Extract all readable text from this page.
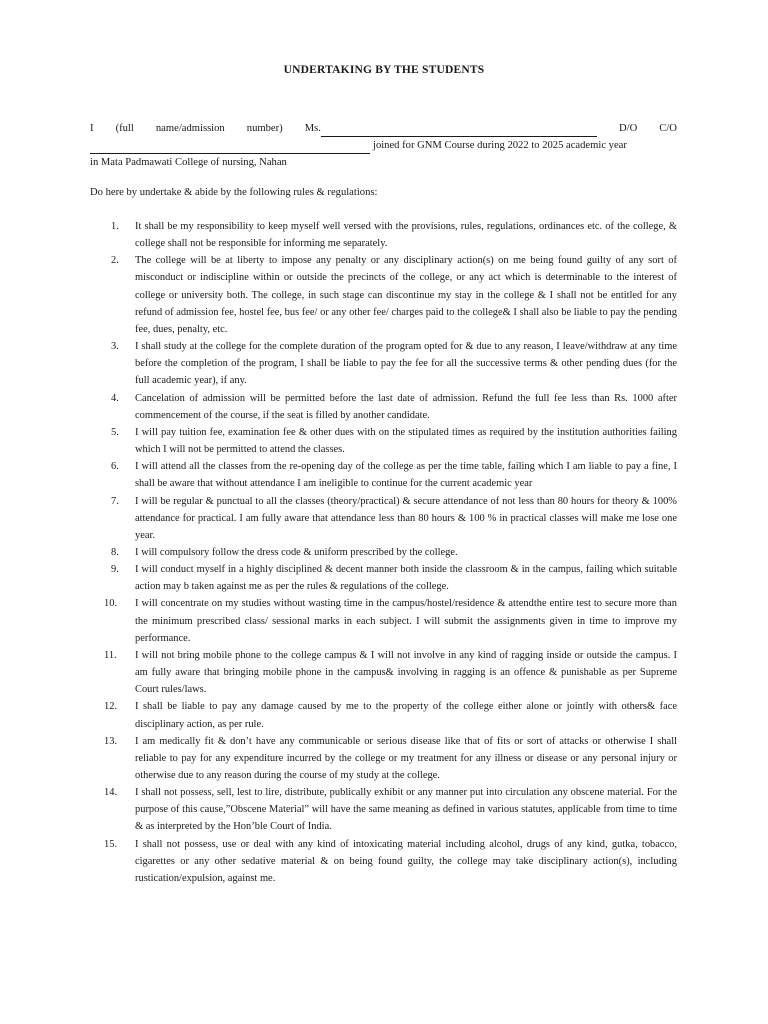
UNDERTAKING BY THE STUDENTS
I (full name/admission number) Ms.	D/O C/O
joined for GNM Course during 2022 to 2025 academic year
in Mata Padmawati College of nursing, Nahan
Do here by undertake & abide by the following rules & regulations:
1. It shall be my responsibility to keep myself well versed with the provisions, rules, regulations, ordinances etc. of the college, & college shall not be responsible for informing me separately.
2. The college will be at liberty to impose any penalty or any disciplinary action(s) on me being found guilty of any sort of misconduct or indiscipline within or outside the precincts of the college, or any act which is determinable to the interest of college or university both. The college, in such stage can discontinue my stay in the college & I shall not be entitled for any refund of admission fee, hostel fee, bus fee/ or any other fee/ charges paid to the college& I shall also be liable to pay the pending fee, dues, penalty, etc.
3. I shall study at the college for the complete duration of the program opted for & due to any reason, I leave/withdraw at any time before the completion of the program, I shall be liable to pay the fee for all the successive terms & other pending dues (for the full academic year), if any.
4. Cancelation of admission will be permitted before the last date of admission. Refund the full fee less than Rs. 1000 after commencement of the course, if the seat is filled by another candidate.
5. I will pay tuition fee, examination fee & other dues with on the stipulated times as required by the institution authorities failing which I will not be permitted to attend the classes.
6. I will attend all the classes from the re-opening day of the college as per the time table, failing which I am liable to pay a fine, I shall be aware that without attendance I am ineligible to continue for the current academic year
7. I will be regular & punctual to all the classes (theory/practical) & secure attendance of not less than 80 hours for theory & 100% attendance for practical. I am fully aware that attendance less than 80 hours & 100 % in practical classes will make me lose one year.
8. I will compulsory follow the dress code & uniform prescribed by the college.
9. I will conduct myself in a highly disciplined & decent manner both inside the classroom & in the campus, failing which suitable action may b taken against me as per the rules & regulations of the college.
10. I will concentrate on my studies without wasting time in the campus/hostel/residence & attendthe entire test to secure more than the minimum prescribed class/ sessional marks in each subject. I will submit the assignments given in time to improve my performance.
11. I will not bring mobile phone to the college campus & I will not involve in any kind of ragging inside or outside the campus. I am fully aware that bringing mobile phone in the campus& involving in ragging is an offence & punishable as per Supreme Court rules/laws.
12. I shall be liable to pay any damage caused by me to the property of the college either alone or jointly with others& face disciplinary action, as per rule.
13. I am medically fit & don’t have any communicable or serious disease like that of fits or sort of attacks or otherwise I shall reliable to pay for any expenditure incurred by the college or my treatment for any illness or disease or any personal injury or otherwise due to any reason during the course of my study at the college.
14. I shall not possess, sell, lest to lire, distribute, publically exhibit or any manner put into circulation any obscene material. For the purpose of this cause,”Obscene Material” will have the same meaning as defined in various statutes, applicable from time to time & as interpreted by the Hon’ble Court of India.
15. I shall not possess, use or deal with any kind of intoxicating material including alcohol, drugs of any kind, gutka, tobacco, cigarettes or any other sedative material & on being found guilty, the college may take disciplinary action(s), including rustication/expulsion, against me.
